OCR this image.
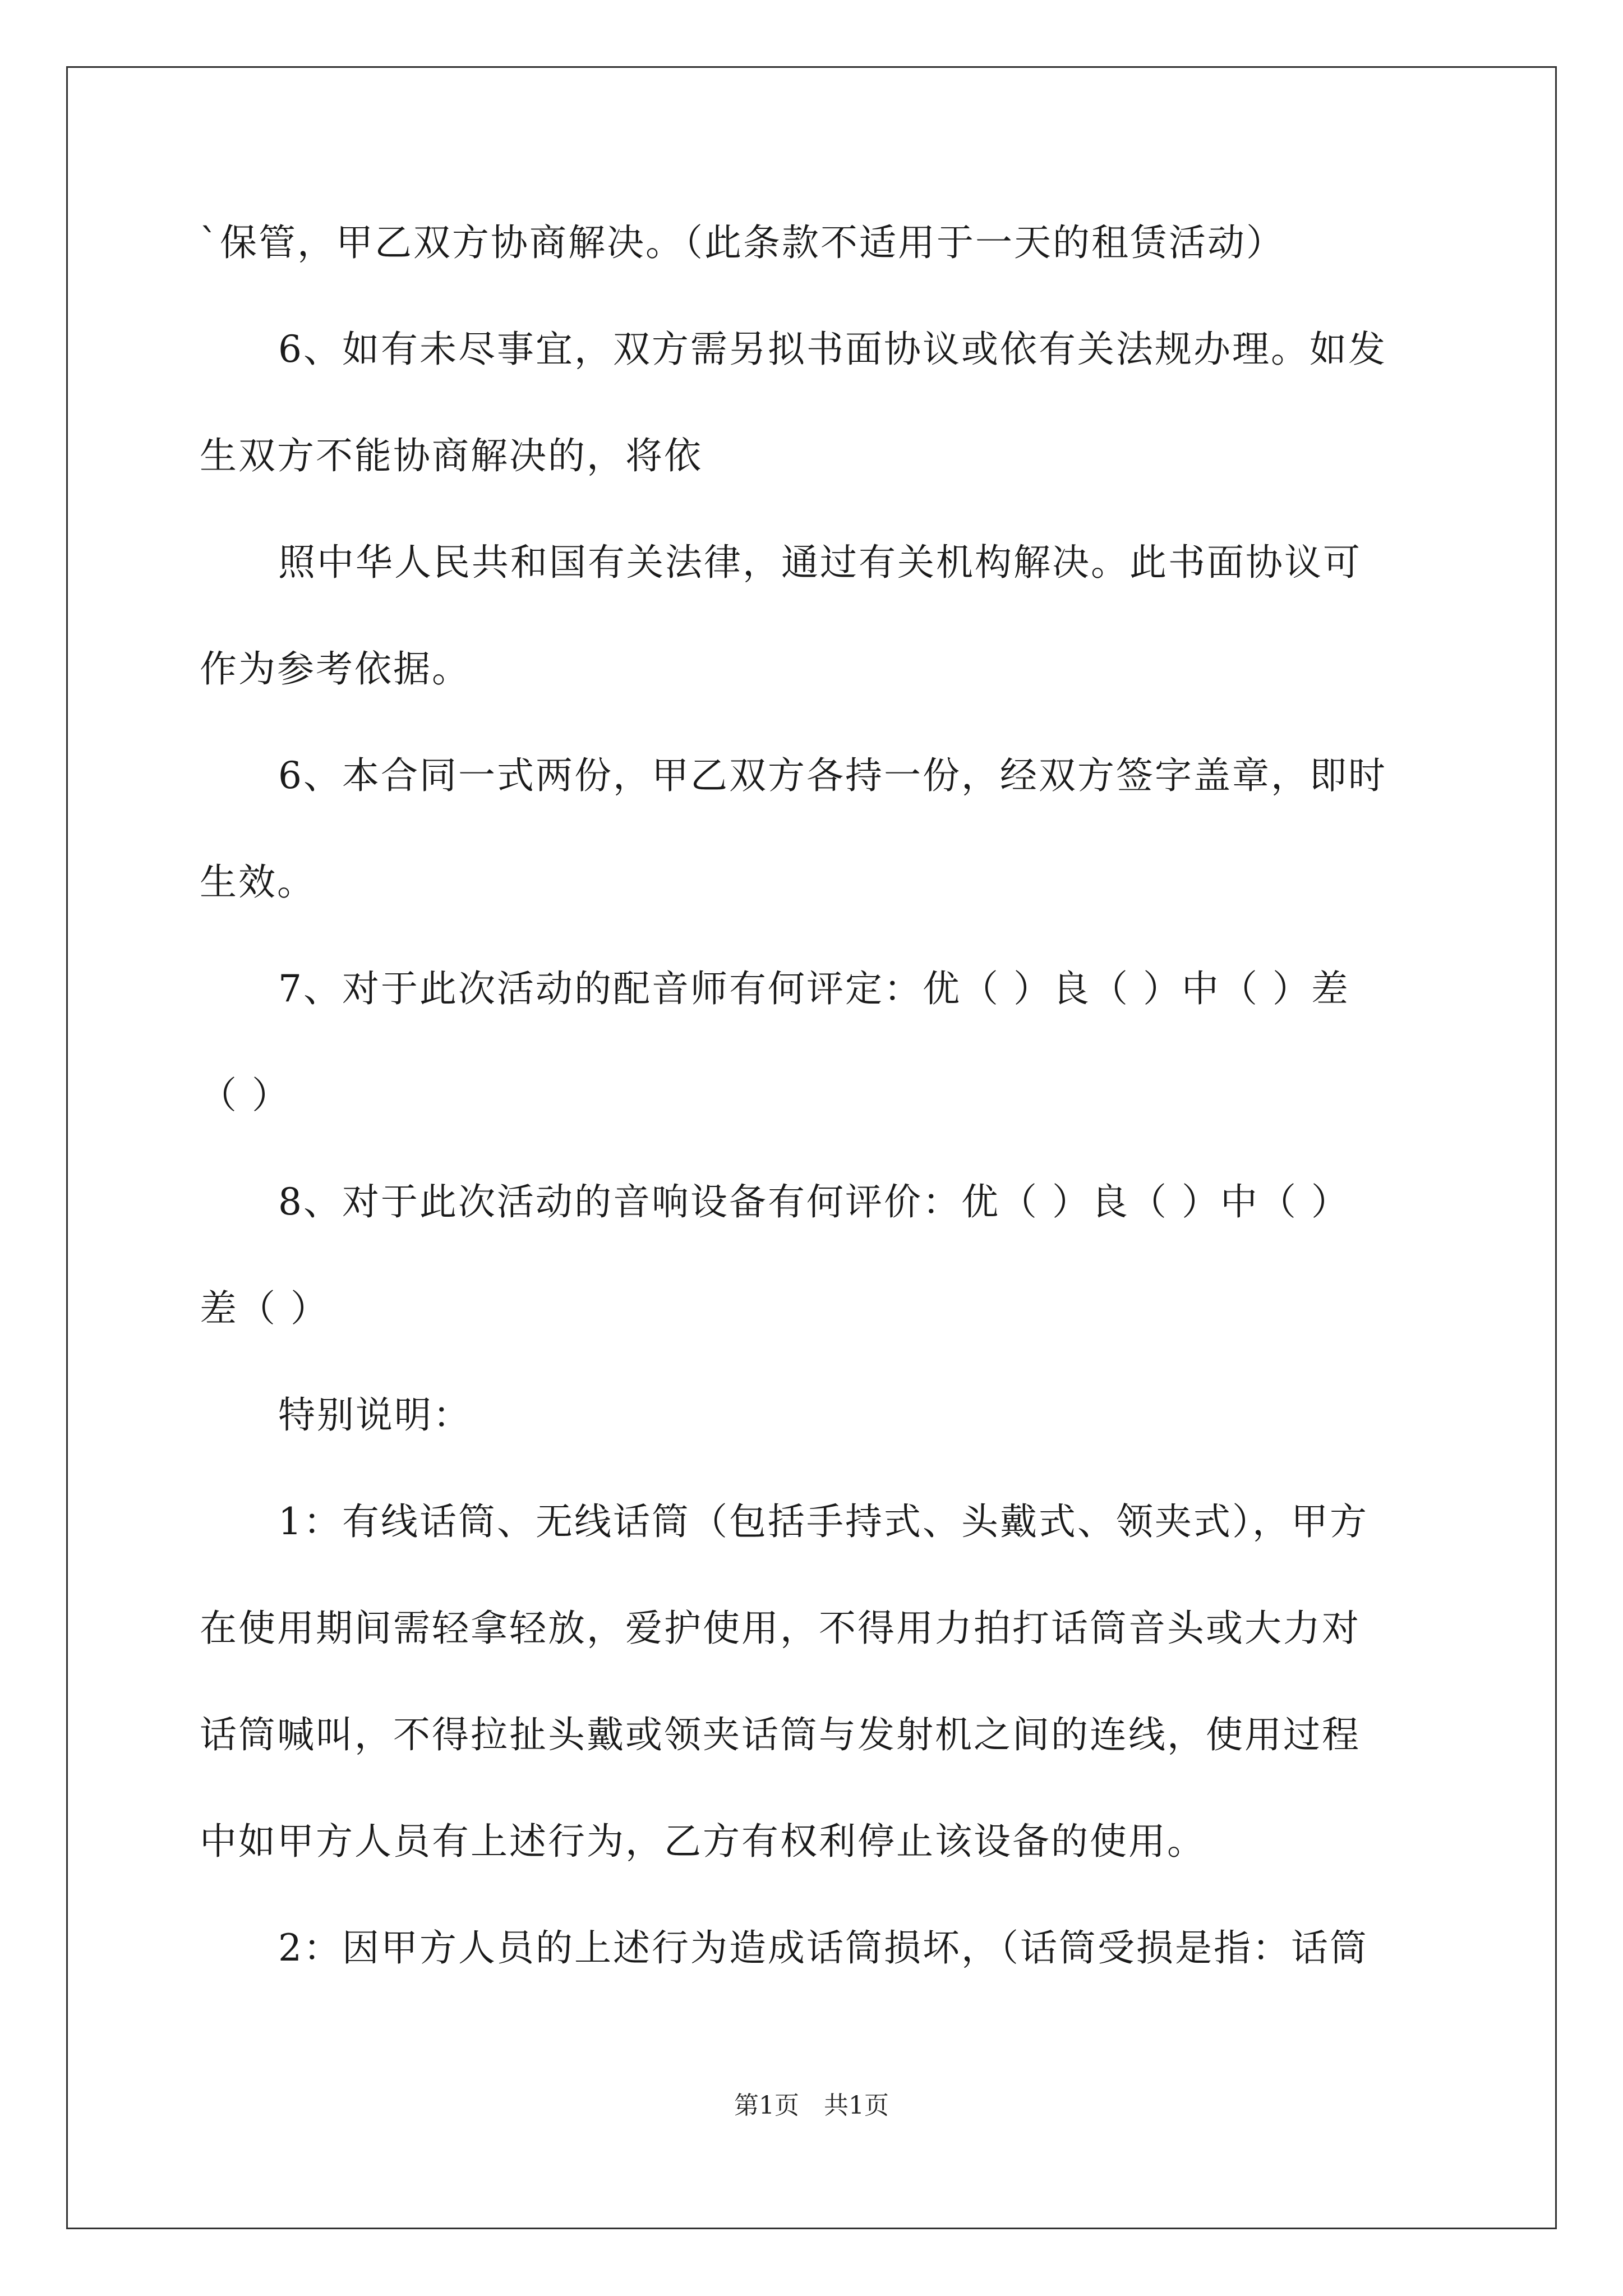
`保管，甲乙双方协商解决。（此条款不适用于一天的租赁活动）
6、如有未尽事宜，双方需另拟书面协议或依有关法规办理。如发
生双方不能协商解决的，将依
照中华人民共和国有关法律，通过有关机构解决。此书面协议可
作为参考依据。
6、本合同一式两份，甲乙双方各持一份，经双方签字盖章，即时
生效。
7、对于此次活动的配音师有何评定：优（ ）良（ ）中（ ）差
（ ）
8、对于此次活动的音响设备有何评价：优（ ）良（ ）中（ ）
差（ ）
特别说明：
1：有线话筒、无线话筒（包括手持式、头戴式、领夹式），甲方
在使用期间需轻拿轻放，爱护使用，不得用力拍打话筒音头或大力对
话筒喊叫，不得拉扯头戴或领夹话筒与发射机之间的连线，使用过程
中如甲方人员有上述行为，乙方有权利停止该设备的使用。
2：因甲方人员的上述行为造成话筒损坏，（话筒受损是指：话筒
第1页　共1页
